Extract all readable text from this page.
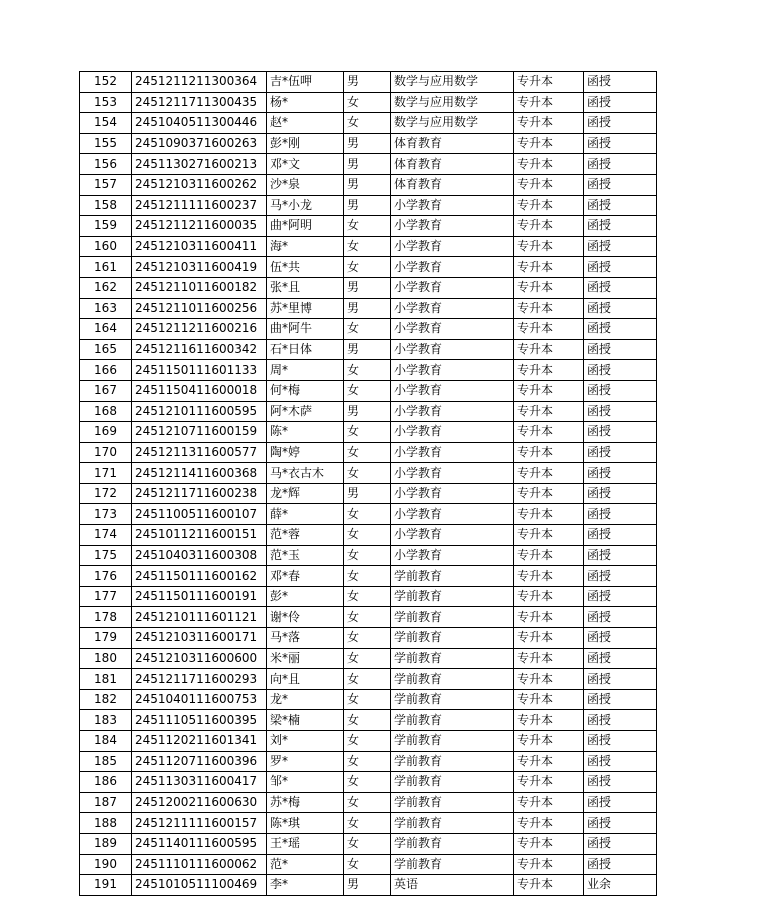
152	2451211211300364	吉*伍呷	男	数学与应用数学	专升本	函授
153	2451211711300435	杨*	女	数学与应用数学	专升本	函授
154	2451040511300446	赵*	女	数学与应用数学	专升本	函授
155	2451090371600263	彭*刚	男	体育教育	专升本	函授
156	2451130271600213	邓*文	男	体育教育	专升本	函授
157	2451210311600262	沙*泉	男	体育教育	专升本	函授
158	2451211111600237	马*小龙	男	小学教育	专升本	函授
159	2451211211600035	曲*阿明	女	小学教育	专升本	函授
160	2451210311600411	海*	女	小学教育	专升本	函授
161	2451210311600419	伍*共	女	小学教育	专升本	函授
162	2451211011600182	张*且	男	小学教育	专升本	函授
163	2451211011600256	苏*里博	男	小学教育	专升本	函授
164	2451211211600216	曲*阿牛	女	小学教育	专升本	函授
165	2451211611600342	石*日体	男	小学教育	专升本	函授
166	2451150111601133	周*	女	小学教育	专升本	函授
167	2451150411600018	何*梅	女	小学教育	专升本	函授
168	2451210111600595	阿*木萨	男	小学教育	专升本	函授
169	2451210711600159	陈*	女	小学教育	专升本	函授
170	2451211311600577	陶*婷	女	小学教育	专升本	函授
171	2451211411600368	马*衣古木	女	小学教育	专升本	函授
172	2451211711600238	龙*辉	男	小学教育	专升本	函授
173	2451100511600107	薛*	女	小学教育	专升本	函授
174	2451011211600151	范*蓉	女	小学教育	专升本	函授
175	2451040311600308	范*玉	女	小学教育	专升本	函授
176	2451150111600162	邓*春	女	学前教育	专升本	函授
177	2451150111600191	彭*	女	学前教育	专升本	函授
178	2451210111601121	谢*伶	女	学前教育	专升本	函授
179	2451210311600171	马*落	女	学前教育	专升本	函授
180	2451210311600600	米*丽	女	学前教育	专升本	函授
181	2451211711600293	向*且	女	学前教育	专升本	函授
182	2451040111600753	龙*	女	学前教育	专升本	函授
183	2451110511600395	梁*楠	女	学前教育	专升本	函授
184	2451120211601341	刘*	女	学前教育	专升本	函授
185	2451120711600396	罗*	女	学前教育	专升本	函授
186	2451130311600417	邹*	女	学前教育	专升本	函授
187	2451200211600630	苏*梅	女	学前教育	专升本	函授
188	2451211111600157	陈*琪	女	学前教育	专升本	函授
189	2451140111600595	王*瑶	女	学前教育	专升本	函授
190	2451110111600062	范*	女	学前教育	专升本	函授
191	2451010511100469	李*	男	英语	专升本	业余
